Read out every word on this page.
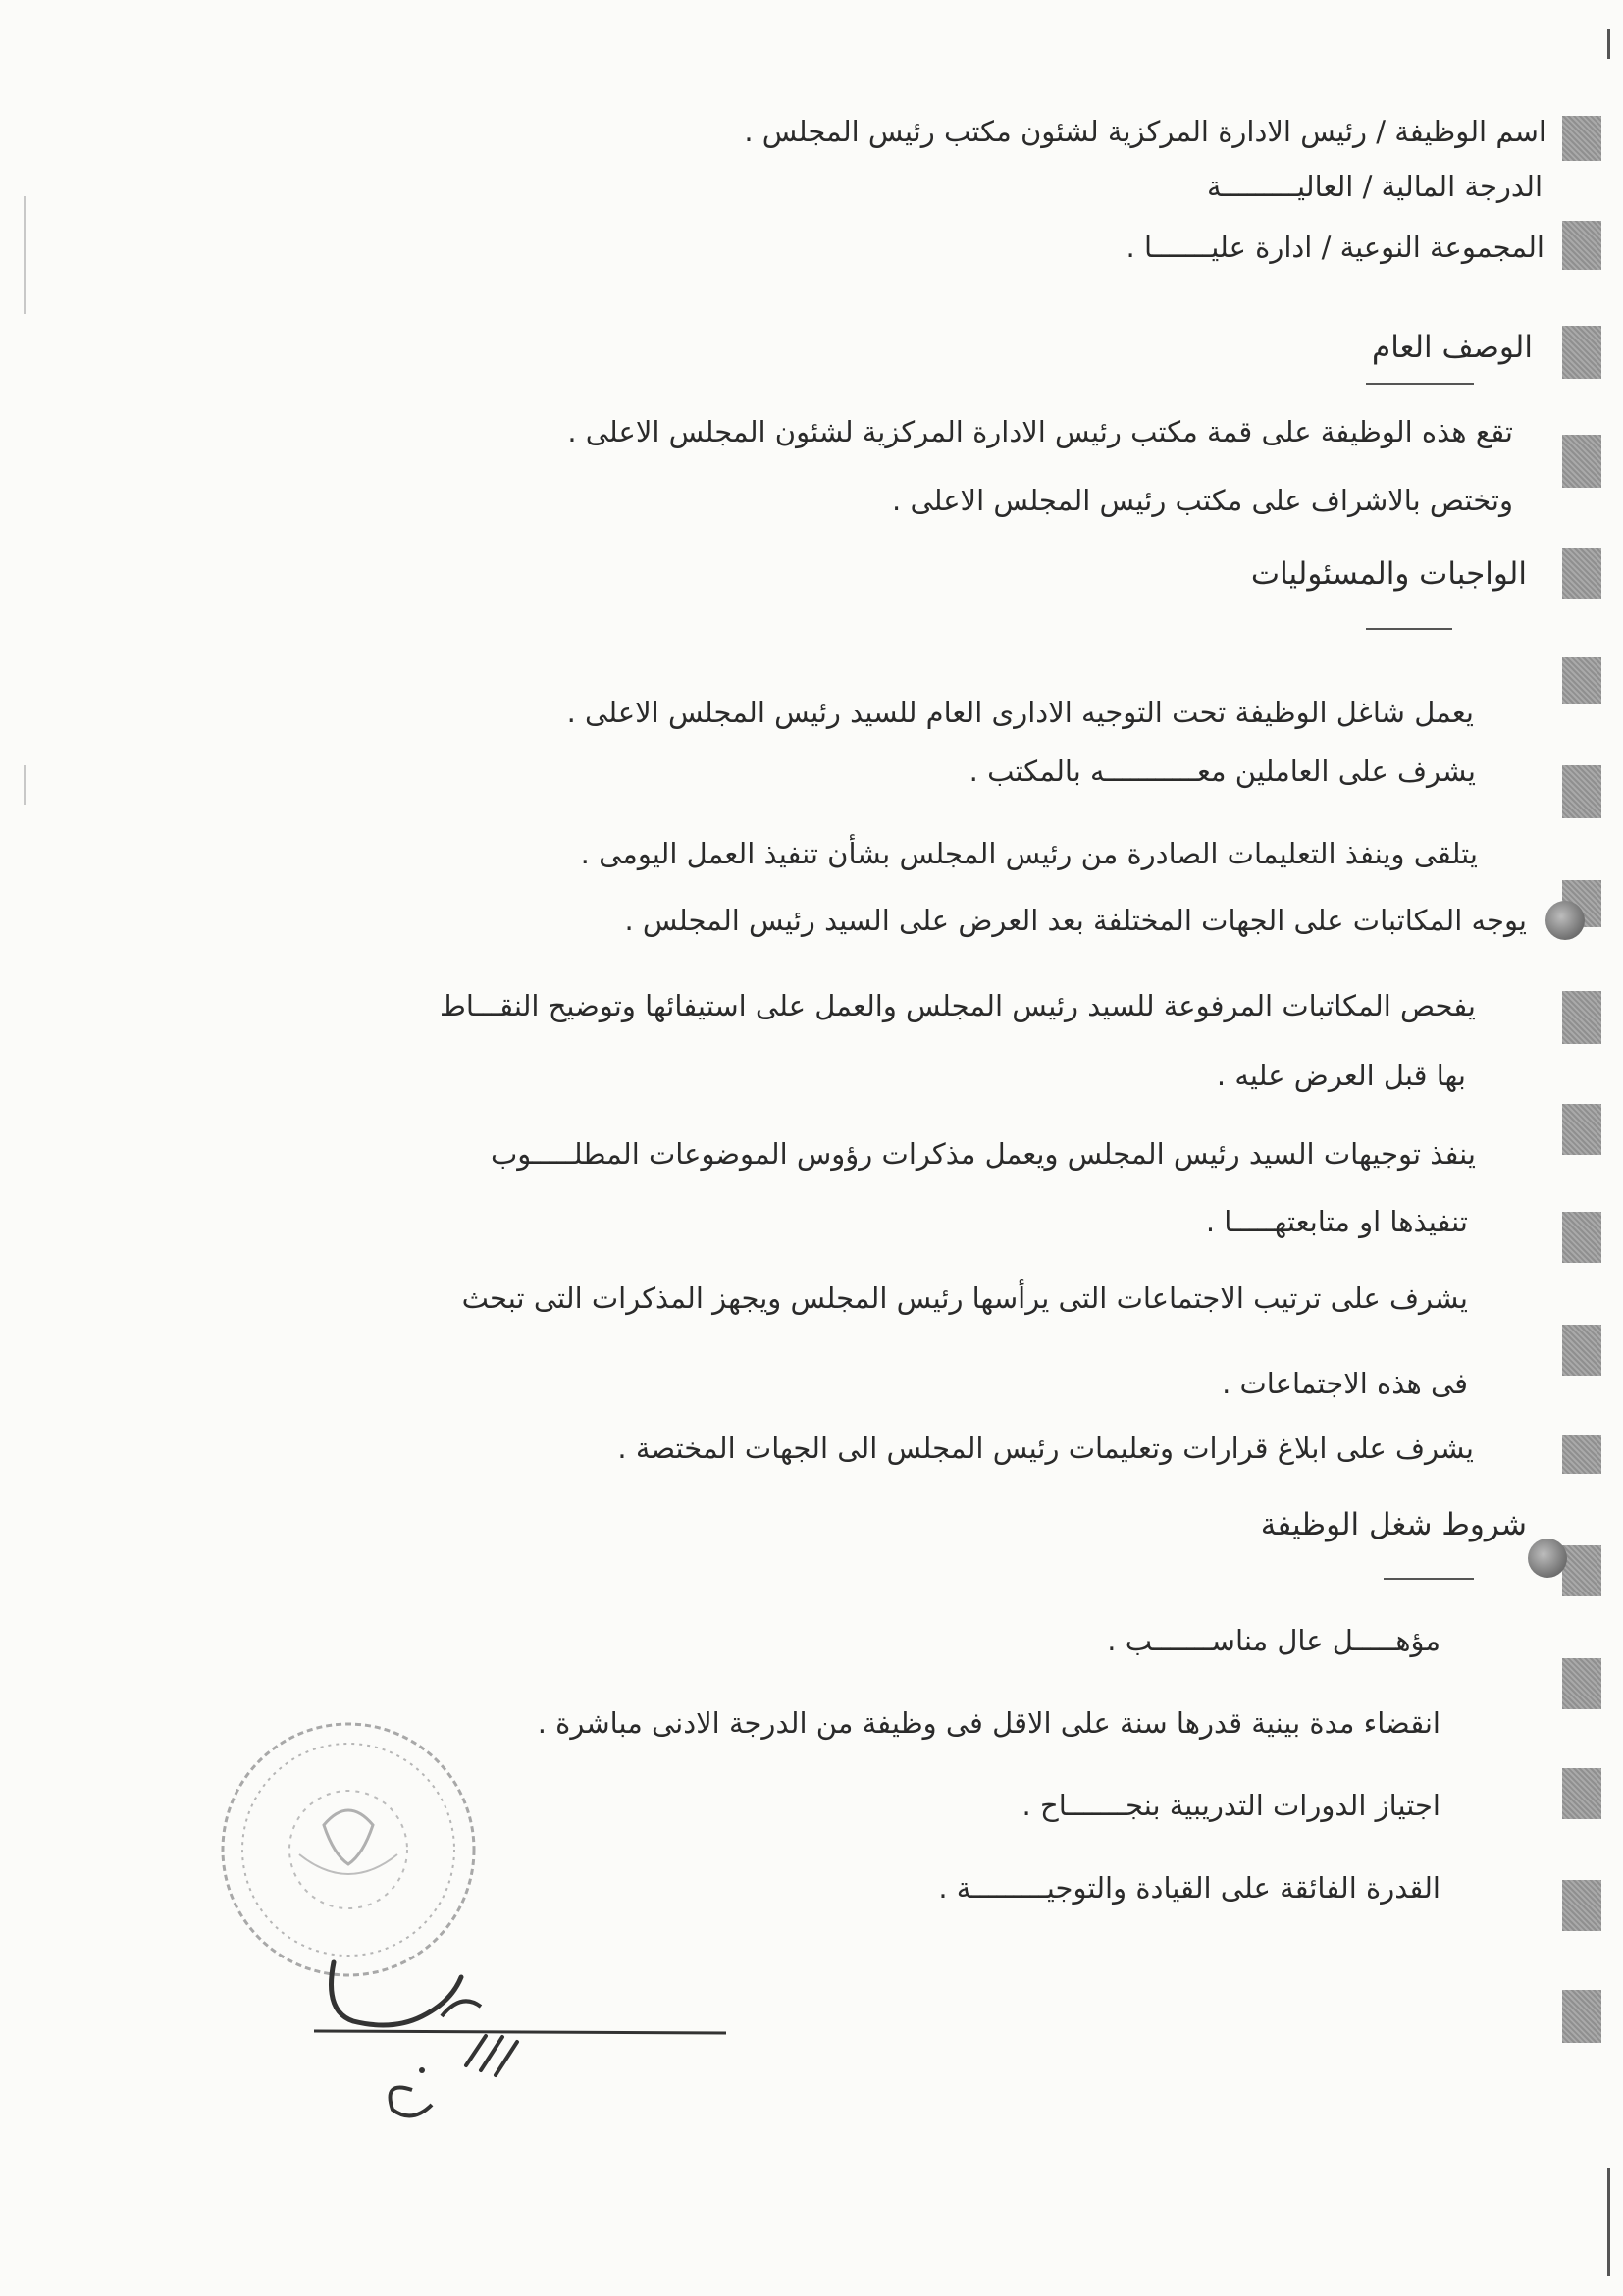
اسم الوظيفة / رئيس الادارة المركزية لشئون مكتب رئيس المجلس .
الدرجة المالية / العاليـــــــــة
المجموعة النوعية / ادارة عليـــــــا .
الوصف العام
تقع هذه الوظيفة على قمة مكتب رئيس الادارة المركزية لشئون المجلس الاعلى .
وتختص بالاشراف على مكتب رئيس المجلس الاعلى .
الواجبات والمسئوليات
يعمل شاغل الوظيفة تحت التوجيه الادارى العام للسيد رئيس المجلس الاعلى .
يشرف على العاملين معـــــــــــه بالمكتب .
يتلقى وينفذ التعليمات الصادرة من رئيس المجلس بشأن تنفيذ العمل اليومى .
يوجه المكاتبات على الجهات المختلفة بعد العرض على السيد رئيس المجلس .
يفحص المكاتبات المرفوعة للسيد رئيس المجلس والعمل على استيفائها وتوضيح النقـــاط
بها قبل العرض عليه .
ينفذ توجيهات السيد رئيس المجلس ويعمل مذكرات رؤوس الموضوعات المطلـــــوب
تنفيذها او متابعتهـــــا .
يشرف على ترتيب الاجتماعات التى يرأسها رئيس المجلس ويجهز المذكرات التى تبحث
فى هذه الاجتماعات .
يشرف على ابلاغ قرارات وتعليمات رئيس المجلس الى الجهات المختصة .
شروط شغل الوظيفة
مؤهـــــل عال مناســـــــب .
انقضاء مدة بينية قدرها سنة على الاقل فى وظيفة من الدرجة الادنى مباشرة .
اجتياز الدورات التدريبية بنجـــــــاح .
القدرة الفائقة على القيادة والتوجيـــــــــة .
